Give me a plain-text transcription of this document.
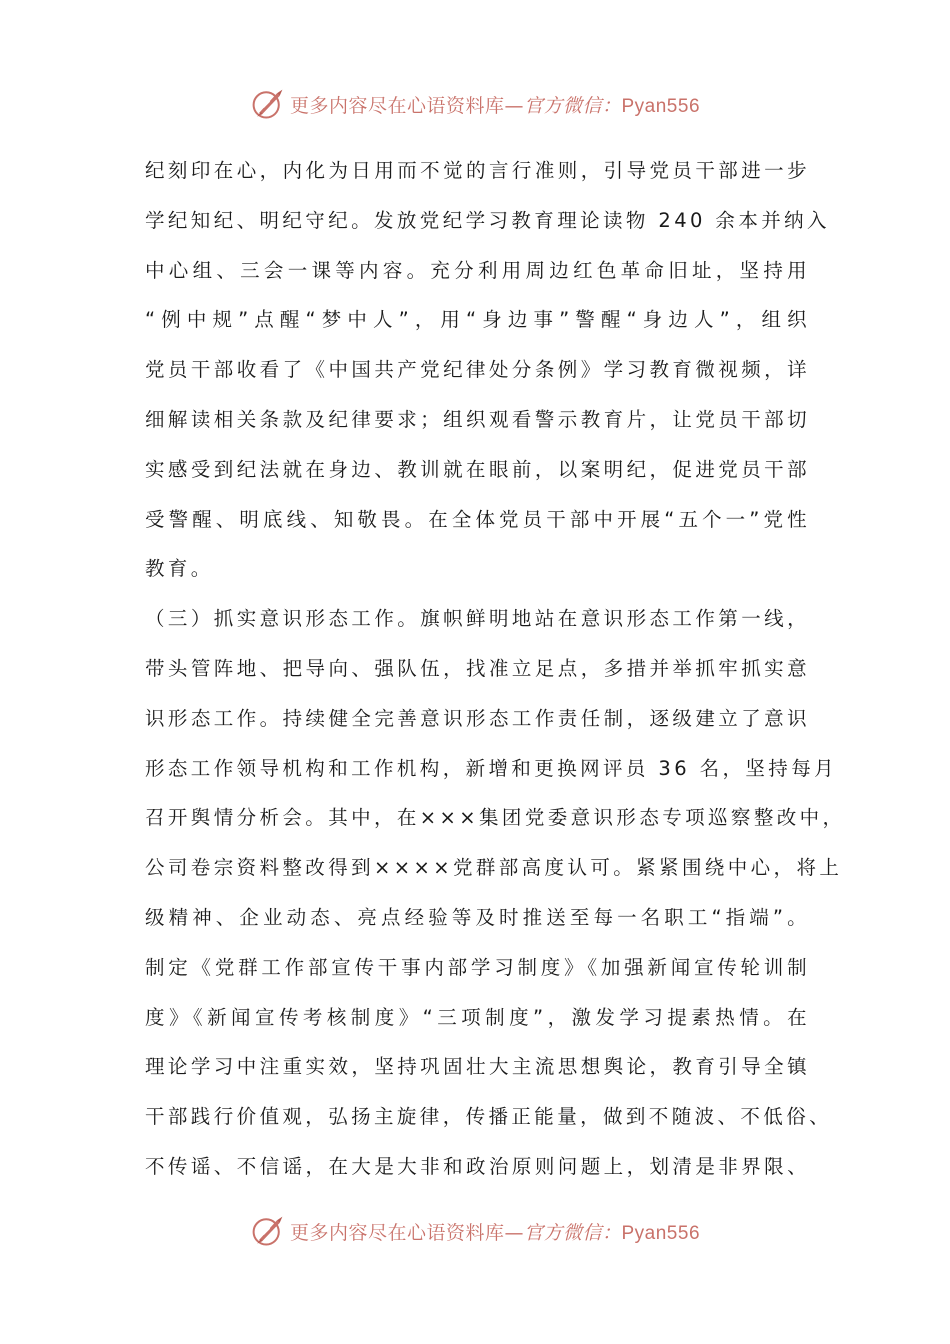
更多内容尽在心语资料库—官方微信：Pyan556
纪刻印在心，内化为日用而不觉的言行准则，引导党员干部进一步
学纪知纪、明纪守纪。发放党纪学习教育理论读物 240 余本并纳入
中心组、三会一课等内容。充分利用周边红色革命旧址，坚持用
“例中规”点醒“梦中人”，用“身边事”警醒“身边人”，组织
党员干部收看了《中国共产党纪律处分条例》学习教育微视频，详
细解读相关条款及纪律要求；组织观看警示教育片，让党员干部切
实感受到纪法就在身边、教训就在眼前，以案明纪，促进党员干部
受警醒、明底线、知敬畏。在全体党员干部中开展“五个一”党性
教育。
（三）抓实意识形态工作。旗帜鲜明地站在意识形态工作第一线，
带头管阵地、把导向、强队伍，找准立足点，多措并举抓牢抓实意
识形态工作。持续健全完善意识形态工作责任制，逐级建立了意识
形态工作领导机构和工作机构，新增和更换网评员 36 名，坚持每月
召开舆情分析会。其中，在×××集团党委意识形态专项巡察整改中，
公司卷宗资料整改得到××××党群部高度认可。紧紧围绕中心，将上
级精神、企业动态、亮点经验等及时推送至每一名职工“指端”。
制定《党群工作部宣传干事内部学习制度》《加强新闻宣传轮训制
度》《新闻宣传考核制度》“三项制度”，激发学习提素热情。在
理论学习中注重实效，坚持巩固壮大主流思想舆论，教育引导全镇
干部践行价值观，弘扬主旋律，传播正能量，做到不随波、不低俗、
不传谣、不信谣，在大是大非和政治原则问题上，划清是非界限、
更多内容尽在心语资料库—官方微信：Pyan556
